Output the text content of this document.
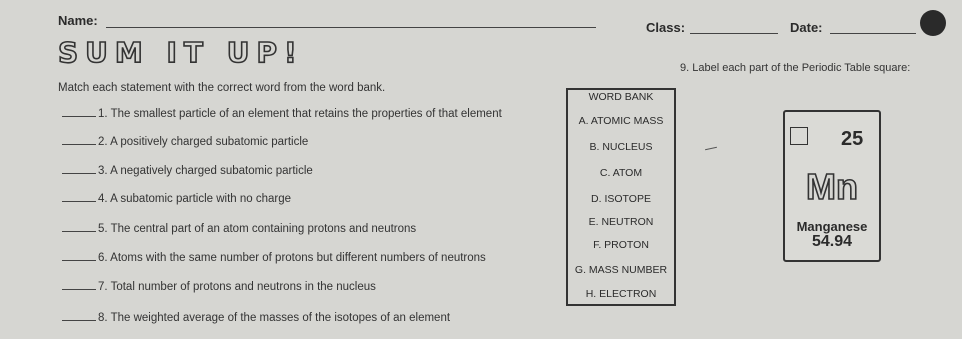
Name:	Class:	Date:
SUM IT UP!	9. Label each part of the Periodic Table square:
Match each statement with the correct word from the word bank.
1. The smallest particle of an element that retains the properties of that element
2. A positively charged subatomic particle
3. A negatively charged subatomic particle
4. A subatomic particle with no charge
5. The central part of an atom containing protons and neutrons
6. Atoms with the same number of protons but different numbers of neutrons
7. Total number of protons and neutrons in the nucleus
8. The weighted average of the masses of the isotopes of an element
WORD BANK
A. ATOMIC MASS
B. NUCLEUS
C. ATOM
D. ISOTOPE
E. NEUTRON
F. PROTON
G. MASS NUMBER
H. ELECTRON
25
Mn
Manganese
54.94
